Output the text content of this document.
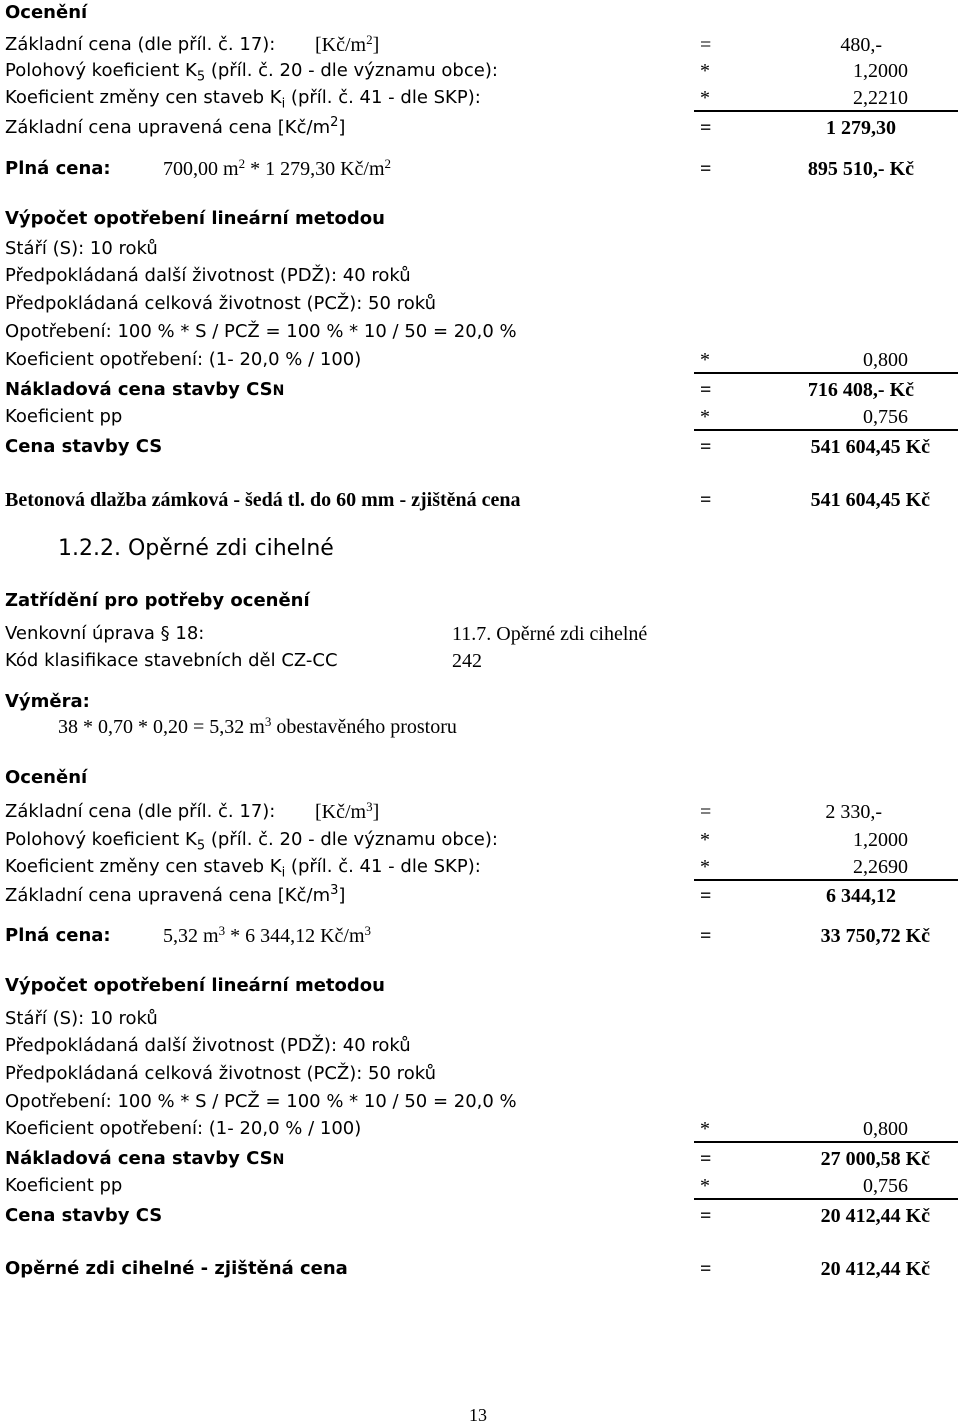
Ocenění
Základní cena (dle příl. č. 17): $[Kč/m^2]$	=	480,-
Polohový koeficient $K_5$ (příl. č. 20 - dle významu obce):	*	1,2000
Koeficient změny cen staveb $K_i$ (příl. č. 41 - dle SKP):	*	2,2210
Základní cena upravená cena $[Kč/m^2]$	=	1 279,30
Plná cena:	700,00 $m^2 * 1$ 279,30 $Kč/m^2$	=	895 510,- Kč
Výpočet opotřebení lineární metodou
Stáří (S): 10 roků
Předpokládaná další životnost (PDŽ): 40 roků
Předpokládaná celková životnost (PCŽ): 50 roků
Opotřebení: 100 % * S / PCŽ = 100 % * 10 / 50 = 20,0 %
Koeficient opotřebení: (1- 20,0 % / 100)	*	0,800
Nákladová cena stavby CSN	=	716 408,- Kč
Koeficient pp	*	0,756
Cena stavby CS	=	541 604,45 Kč
Betonová dlažba zámková - šedá tl. do 60 mm - zjištěná cena	=	541 604,45 Kč
1.2.2. Opěrné zdi cihelné
Zatřídění pro potřeby ocenění
Venkovní úprava § 18:	11.7. Opěrné zdi cihelné
Kód klasifikace stavebních děl CZ-CC	242
Výměra:
38 * 0,70 * 0,20 = 5,32 $m^3$ obestavěného prostoru
Ocenění
Základní cena (dle příl. č. 17): $[Kč/m^3]$	=	2 330,-
Polohový koeficient $K_5$ (příl. č. 20 - dle významu obce):	*	1,2000
Koeficient změny cen staveb $K_i$ (příl. č. 41 - dle SKP):	*	2,2690
Základní cena upravená cena $[Kč/m^3]$	=	6 344,12
Plná cena:	5,32 $m^3 * 6$ 344,12 $Kč/m^3$	=	33 750,72 Kč
Výpočet opotřebení lineární metodou
Stáří (S): 10 roků
Předpokládaná další životnost (PDŽ): 40 roků
Předpokládaná celková životnost (PCŽ): 50 roků
Opotřebení: 100 % * S / PCŽ = 100 % * 10 / 50 = 20,0 %
Koeficient opotřebení: (1- 20,0 % / 100)	*	0,800
Nákladová cena stavby CSN	=	27 000,58 Kč
Koeficient pp	*	0,756
Cena stavby CS	=	20 412,44 Kč
Opěrné zdi cihelné - zjištěná cena	=	20 412,44 Kč
13
